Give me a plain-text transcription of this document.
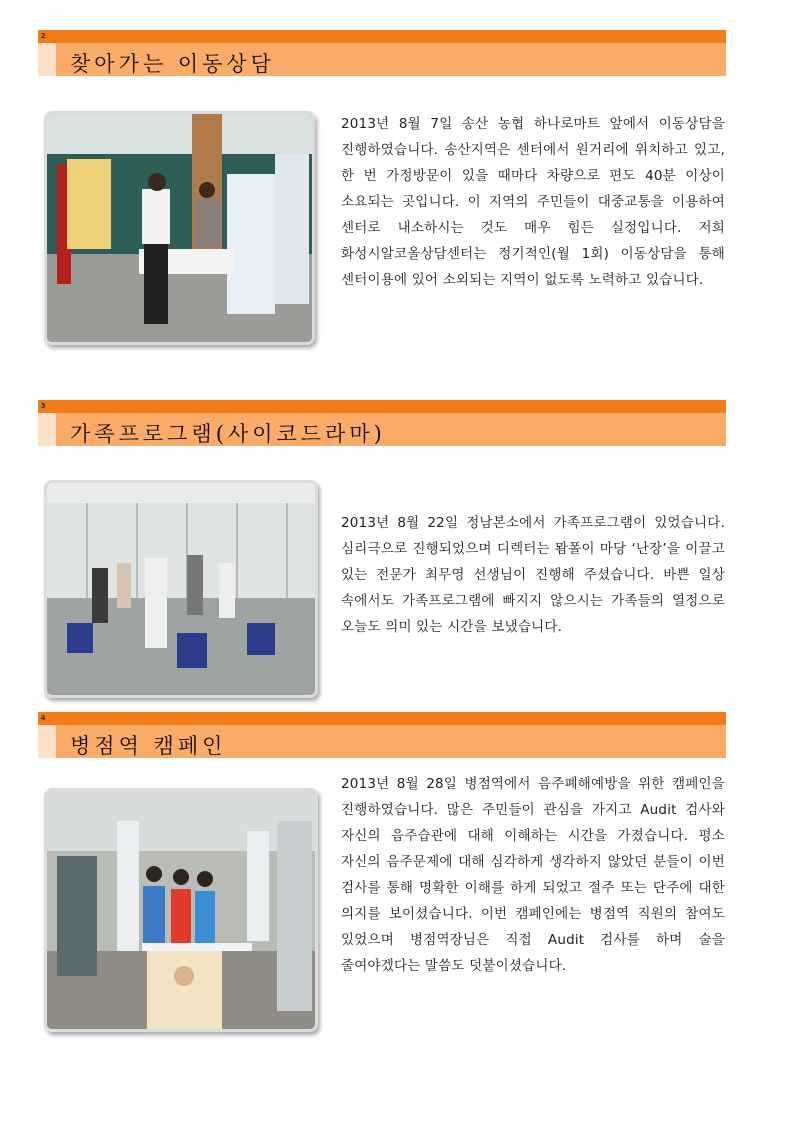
2
찾아가는 이동상담
2013년 8월 7일 송산 농협 하나로마트 앞에서 이동상담을 진행하였습니다. 송산지역은 센터에서 원거리에 위치하고 있고, 한 번 가정방문이 있을 때마다 차량으로 편도 40분 이상이 소요되는 곳입니다. 이 지역의 주민들이 대중교통을 이용하여 센터로 내소하시는 것도 매우 힘든 실정입니다. 저희 화성시알코올상담센터는 정기적인(월 1회) 이동상담을 통해 센터이용에 있어 소외되는 지역이 없도록 노력하고 있습니다.
3
가족프로그램(사이코드라마)
2013년 8월 22일 정남본소에서 가족프로그램이 있었습니다. 심리극으로 진행되었으며 디렉터는 뫔폴이 마당 ‘난장’을 이끌고 있는 전문가 최무영 선생님이 진행해 주셨습니다. 바쁜 일상 속에서도 가족프로그램에 빠지지 않으시는 가족들의 열정으로 오늘도 의미 있는 시간을 보냈습니다.
4
병점역 캠페인
2013년 8월 28일 병점역에서 음주폐해예방을 위한 캠페인을 진행하였습니다. 많은 주민들이 관심을 가지고 Audit 검사와 자신의 음주습관에 대해 이해하는 시간을 가졌습니다. 평소 자신의 음주문제에 대해 심각하게 생각하지 않았던 분들이 이번 검사를 통해 명확한 이해를 하게 되었고 절주 또는 단주에 대한 의지를 보이셨습니다. 이번 캠페인에는 병점역 직원의 참여도 있었으며 병점역장님은 직접 Audit 검사를 하며 술을 줄여야겠다는 말씀도 덧붙이셨습니다.
